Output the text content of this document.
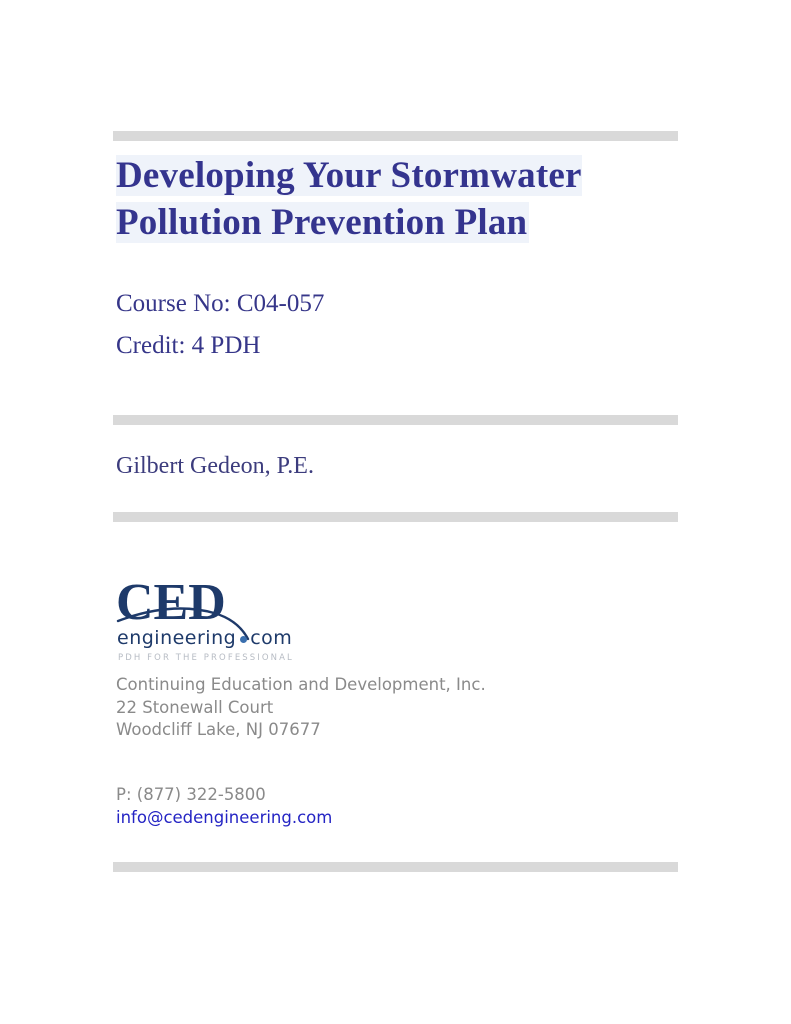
Developing Your Stormwater
Pollution Prevention Plan
Course No: C04-057
Credit: 4 PDH
Gilbert Gedeon, P.E.
CED
engineering com
PDH FOR THE PROFESSIONAL
Continuing Education and Development, Inc.
22 Stonewall Court
Woodcliff Lake, NJ 07677
P: (877) 322-5800
info@cedengineering.com
